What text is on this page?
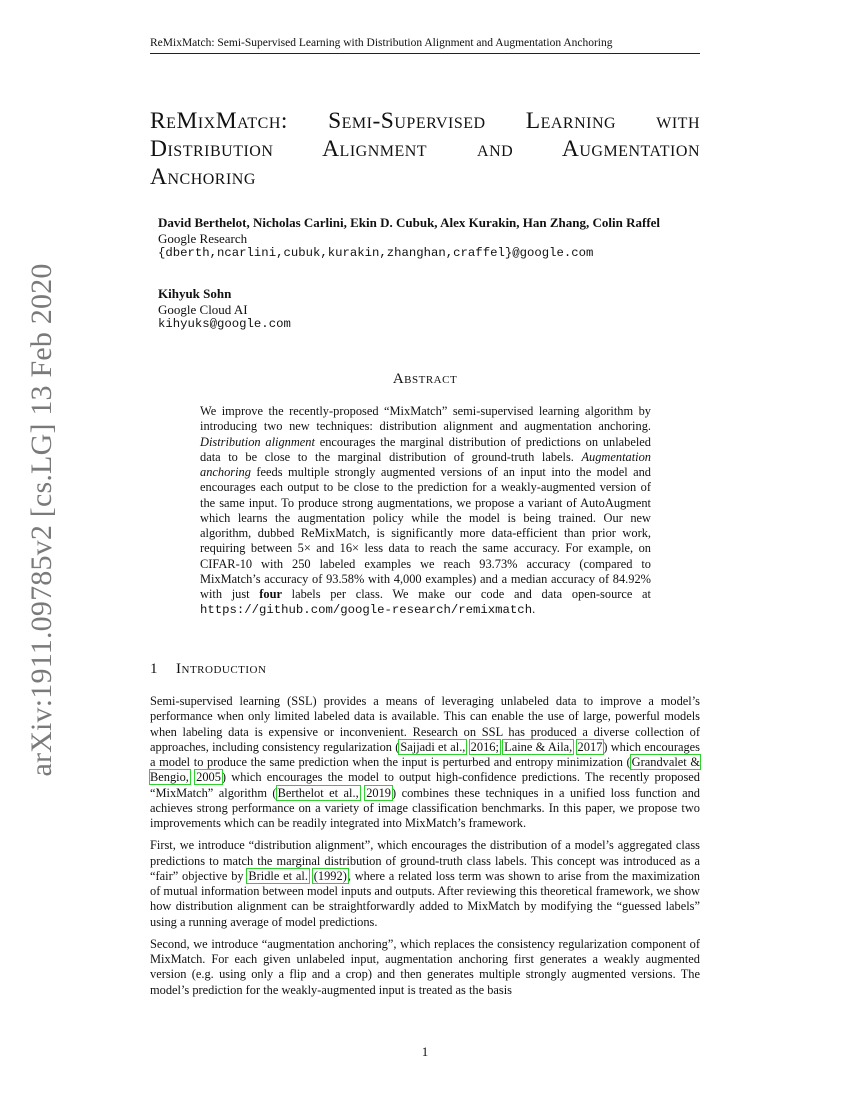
ReMixMatch: Semi-Supervised Learning with Distribution Alignment and Augmentation Anchoring
arXiv:1911.09785v2 [cs.LG] 13 Feb 2020
ReMixMatch: Semi-Supervised Learning with
Distribution Alignment and Augmentation
Anchoring
David Berthelot, Nicholas Carlini, Ekin D. Cubuk, Alex Kurakin, Han Zhang, Colin Raffel
Google Research
{dberth,ncarlini,cubuk,kurakin,zhanghan,craffel}@google.com
Kihyuk Sohn
Google Cloud AI
kihyuks@google.com
Abstract
We improve the recently-proposed “MixMatch” semi-supervised learning algorithm by introducing two new techniques: distribution alignment and augmentation anchoring. Distribution alignment encourages the marginal distribution of predictions on unlabeled data to be close to the marginal distribution of ground-truth labels. Augmentation anchoring feeds multiple strongly augmented versions of an input into the model and encourages each output to be close to the prediction for a weakly-augmented version of the same input. To produce strong augmentations, we propose a variant of AutoAugment which learns the augmentation policy while the model is being trained. Our new algorithm, dubbed ReMixMatch, is significantly more data-efficient than prior work, requiring between 5× and 16× less data to reach the same accuracy. For example, on CIFAR-10 with 250 labeled examples we reach 93.73% accuracy (compared to MixMatch’s accuracy of 93.58% with 4,000 examples) and a median accuracy of 84.92% with just four labels per class. We make our code and data open-source at https://github.com/google-research/remixmatch.
1 Introduction

Semi-supervised learning (SSL) provides a means of leveraging unlabeled data to improve a model’s performance when only limited labeled data is available. This can enable the use of large, powerful models when labeling data is expensive or inconvenient. Research on SSL has produced a diverse collection of approaches, including consistency regularization (Sajjadi et al., 2016; Laine & Aila, 2017) which encourages a model to produce the same prediction when the input is perturbed and entropy minimization (Grandvalet & Bengio, 2005) which encourages the model to output high-confidence predictions. The recently proposed “MixMatch” algorithm (Berthelot et al., 2019) combines these techniques in a unified loss function and achieves strong performance on a variety of image classification benchmarks. In this paper, we propose two improvements which can be readily integrated into MixMatch’s framework.

First, we introduce “distribution alignment”, which encourages the distribution of a model’s aggregated class predictions to match the marginal distribution of ground-truth class labels. This concept was introduced as a “fair” objective by Bridle et al. (1992), where a related loss term was shown to arise from the maximization of mutual information between model inputs and outputs. After reviewing this theoretical framework, we show how distribution alignment can be straightforwardly added to MixMatch by modifying the “guessed labels” using a running average of model predictions.

Second, we introduce “augmentation anchoring”, which replaces the consistency regularization component of MixMatch. For each given unlabeled input, augmentation anchoring first generates a weakly augmented version (e.g. using only a flip and a crop) and then generates multiple strongly augmented versions. The model’s prediction for the weakly-augmented input is treated as the basis

1
